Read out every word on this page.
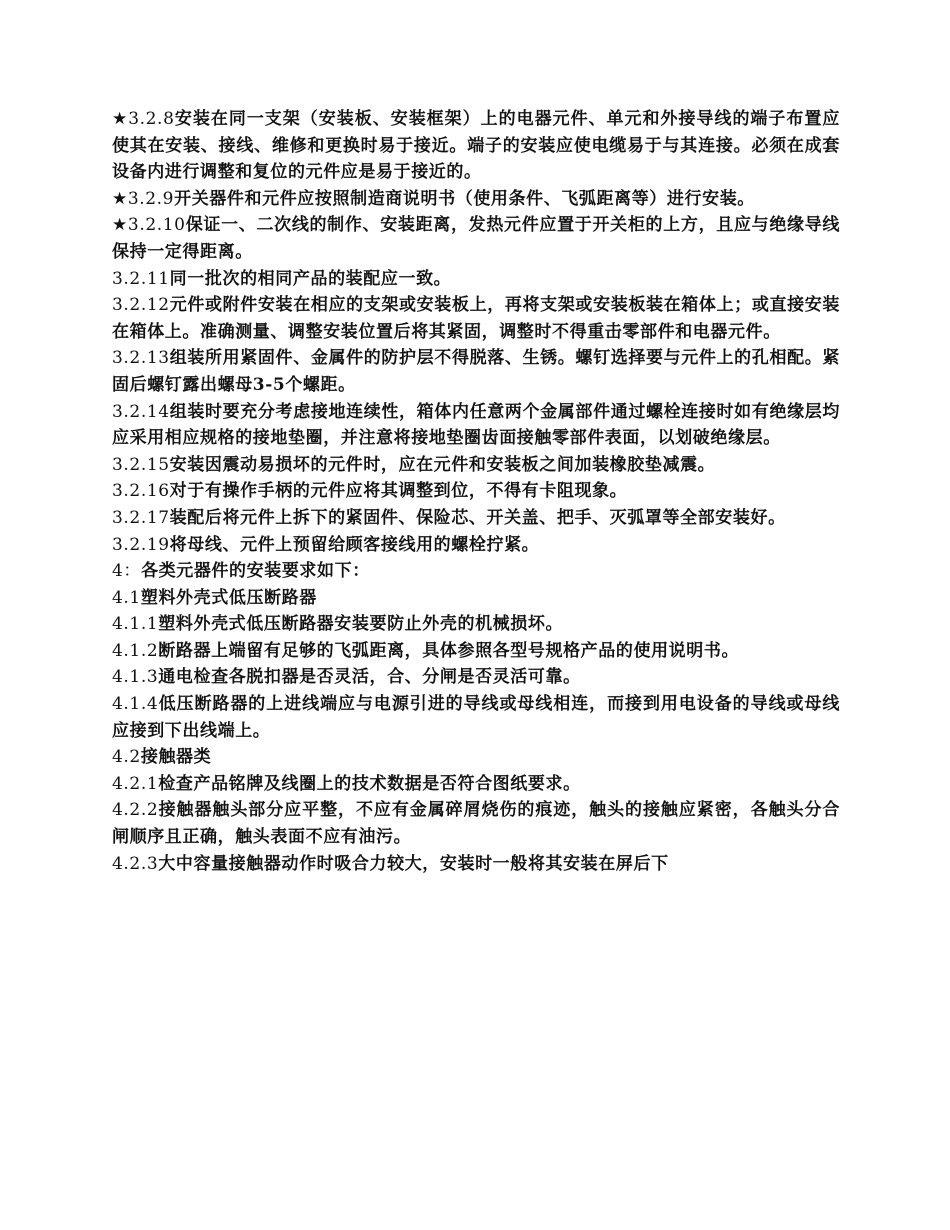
★3.2.8安装在同一支架（安装板、安装框架）上的电器元件、单元和外接导线的端子布置应使其在安装、接线、维修和更换时易于接近。端子的安装应使电缆易于与其连接。必须在成套设备内进行调整和复位的元件应是易于接近的。

★3.2.9开关器件和元件应按照制造商说明书（使用条件、飞弧距离等）进行安装。

★3.2.10保证一、二次线的制作、安装距离，发热元件应置于开关柜的上方，且应与绝缘导线保持一定得距离。

3.2.11同一批次的相同产品的装配应一致。

3.2.12元件或附件安装在相应的支架或安装板上，再将支架或安装板装在箱体上；或直接安装在箱体上。准确测量、调整安装位置后将其紧固，调整时不得重击零部件和电器元件。

3.2.13组装所用紧固件、金属件的防护层不得脱落、生锈。螺钉选择要与元件上的孔相配。紧固后螺钉露出螺母3-5个螺距。

3.2.14组装时要充分考虑接地连续性，箱体内任意两个金属部件通过螺栓连接时如有绝缘层均应采用相应规格的接地垫圈，并注意将接地垫圈齿面接触零部件表面，以划破绝缘层。

3.2.15安装因震动易损坏的元件时，应在元件和安装板之间加装橡胶垫减震。

3.2.16对于有操作手柄的元件应将其调整到位，不得有卡阻现象。

3.2.17装配后将元件上拆下的紧固件、保险芯、开关盖、把手、灭弧罩等全部安装好。

3.2.19将母线、元件上预留给顾客接线用的螺栓拧紧。

4：各类元器件的安装要求如下：

4.1塑料外壳式低压断路器

4.1.1塑料外壳式低压断路器安装要防止外壳的机械损坏。

4.1.2断路器上端留有足够的飞弧距离，具体参照各型号规格产品的使用说明书。

4.1.3通电检查各脱扣器是否灵活，合、分闸是否灵活可靠。

4.1.4低压断路器的上进线端应与电源引进的导线或母线相连，而接到用电设备的导线或母线应接到下出线端上。

4.2接触器类

4.2.1检查产品铭牌及线圈上的技术数据是否符合图纸要求。

4.2.2接触器触头部分应平整，不应有金属碎屑烧伤的痕迹，触头的接触应紧密，各触头分合闸顺序且正确，触头表面不应有油污。

4.2.3大中容量接触器动作时吸合力较大，安装时一般将其安装在屏后下
